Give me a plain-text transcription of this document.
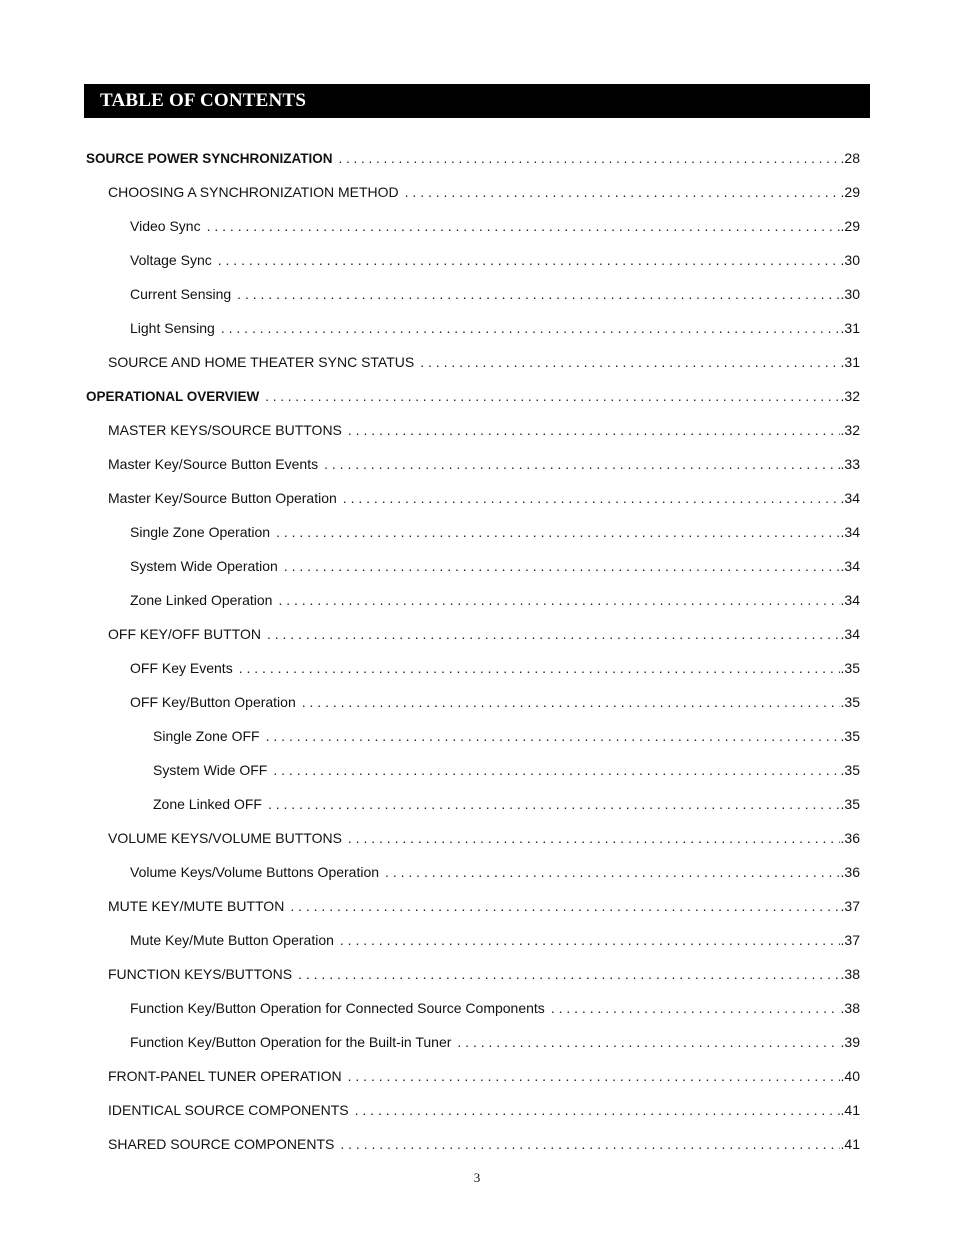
TABLE OF CONTENTS
SOURCE POWER SYNCHRONIZATION . . .	.28
CHOOSING A SYNCHRONIZATION METHOD . . .	.29
Video Sync . . .	.29
Voltage Sync . . .	.30
Current Sensing . . .	.30
Light Sensing . . .	.31
SOURCE AND HOME THEATER SYNC STATUS . . .	.31
OPERATIONAL OVERVIEW . . .	.32
MASTER KEYS/SOURCE BUTTONS . . .	.32
Master Key/Source Button Events . . .	.33
Master Key/Source Button Operation . . .	.34
Single Zone Operation . . .	.34
System Wide Operation . . .	.34
Zone Linked Operation . . .	.34
OFF KEY/OFF BUTTON . . .	.34
OFF Key Events . . .	.35
OFF Key/Button Operation . . .	.35
Single Zone OFF . . .	.35
System Wide OFF . . .	.35
Zone Linked OFF . . .	.35
VOLUME KEYS/VOLUME BUTTONS . . .	.36
Volume Keys/Volume Buttons Operation . . .	.36
MUTE KEY/MUTE BUTTON . . .	.37
Mute Key/Mute Button Operation . . .	.37
FUNCTION KEYS/BUTTONS . . .	.38
Function Key/Button Operation for Connected Source Components . . .	.38
Function Key/Button Operation for the Built-in Tuner . . .	.39
FRONT-PANEL TUNER OPERATION . . .	.40
IDENTICAL SOURCE COMPONENTS . . .	.41
SHARED SOURCE COMPONENTS . . .	.41
3
